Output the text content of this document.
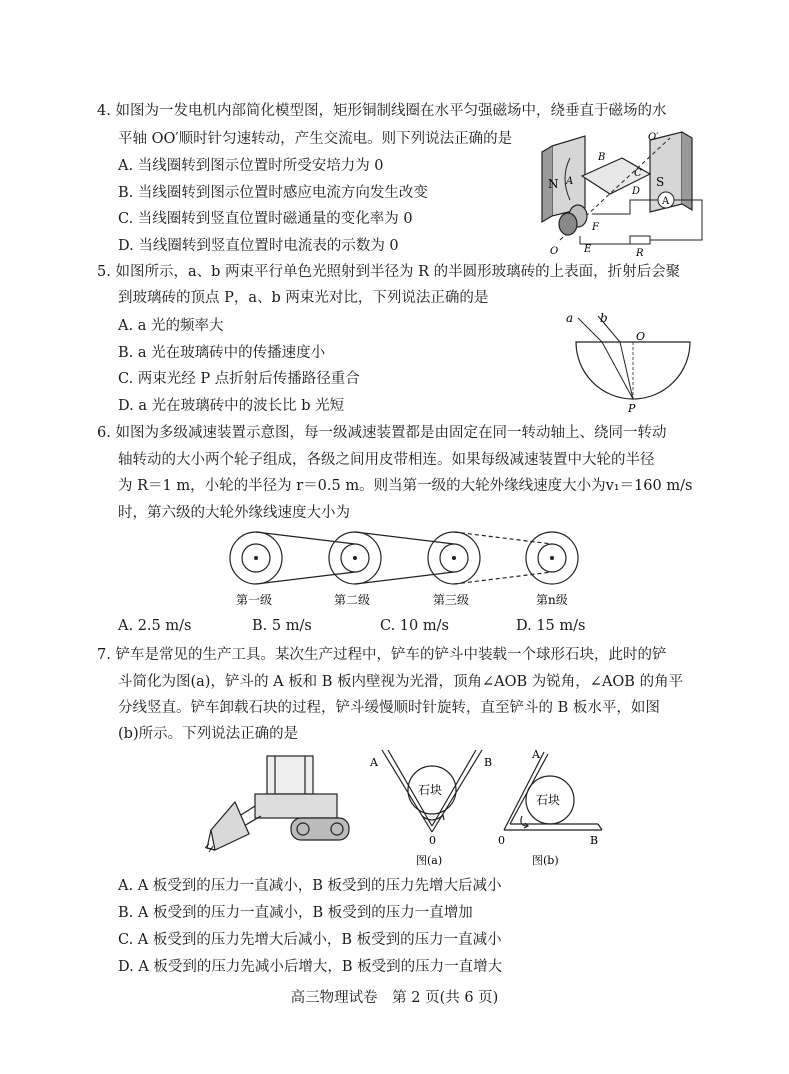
4. 如图为一发电机内部简化模型图，矩形铜制线圈在水平匀强磁场中，绕垂直于磁场的水
平轴 OO′顺时针匀速转动，产生交流电。则下列说法正确的是
A. 当线圈转到图示位置时所受安培力为 0
B. 当线圈转到图示位置时感应电流方向发生改变
C. 当线圈转到竖直位置时磁通量的变化率为 0
D. 当线圈转到竖直位置时电流表的示数为 0
A
N	S
A
B
C
D
O′
F
E
O	R
5. 如图所示，a、b 两束平行单色光照射到半径为 R 的半圆形玻璃砖的上表面，折射后会聚
到玻璃砖的顶点 P，a、b 两束光对比，下列说法正确的是
A. a 光的频率大
B. a 光在玻璃砖中的传播速度小
C. 两束光经 P 点折射后传播路径重合
D. a 光在玻璃砖中的波长比 b 光短
a b
O
P
6. 如图为多级减速装置示意图，每一级减速装置都是由固定在同一转动轴上、绕同一转动
轴转动的大小两个轮子组成，各级之间用皮带相连。如果每级减速装置中大轮的半径
为 R＝1 m，小轮的半径为 r＝0.5 m。则当第一级的大轮外缘线速度大小为v₁＝160 m/s
时，第六级的大轮外缘线速度大小为
第一级	第二级	第三级	第n级
A. 2.5 m/s	B. 5 m/s	C. 10 m/s	D. 15 m/s
7. 铲车是常见的生产工具。某次生产过程中，铲车的铲斗中装载一个球形石块，此时的铲
斗简化为图(a)，铲斗的 A 板和 B 板内壁视为光滑，顶角∠AOB 为锐角，∠AOB 的角平
分线竖直。铲车卸载石块的过程，铲斗缓慢顺时针旋转，直至铲斗的 B 板水平，如图
(b)所示。下列说法正确的是
A	B
石块
0
图(a)
A
B
石块
0
图(b)
A. A 板受到的压力一直减小，B 板受到的压力先增大后减小
B. A 板受到的压力一直减小，B 板受到的压力一直增加
C. A 板受到的压力先增大后减小，B 板受到的压力一直减小
D. A 板受到的压力先减小后增大，B 板受到的压力一直增大
高三物理试卷　第 2 页(共 6 页)
